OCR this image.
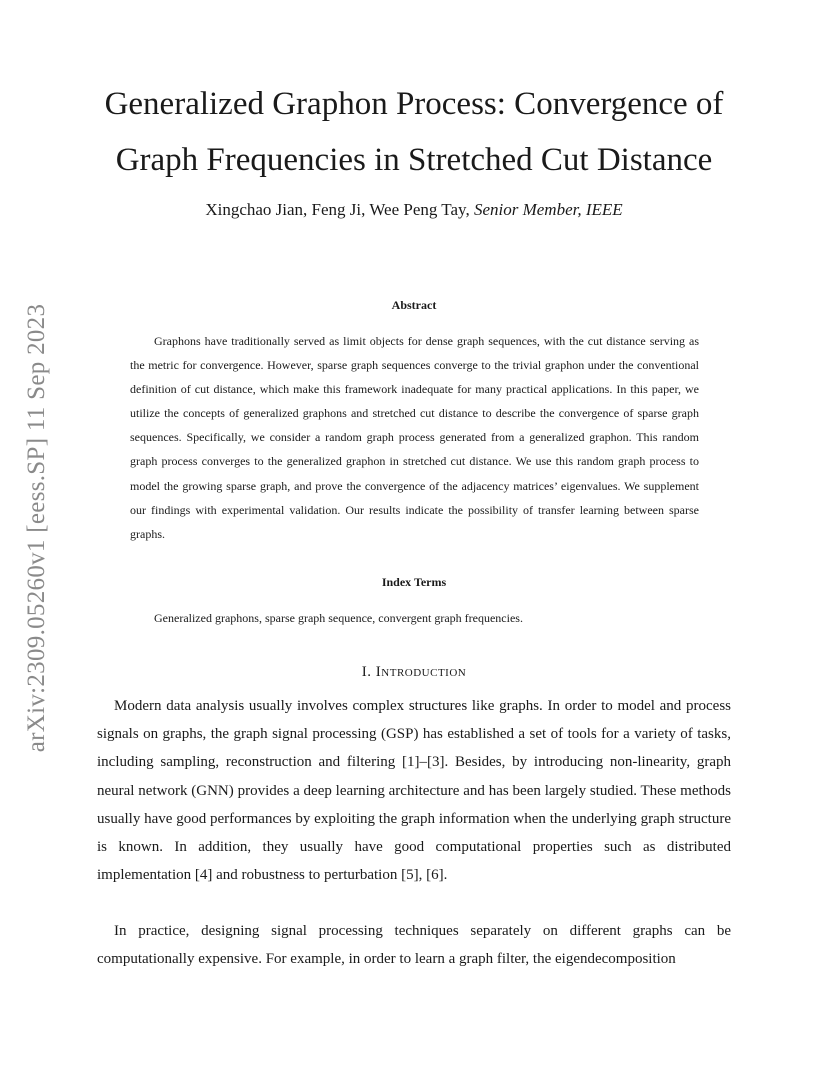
arXiv:2309.05260v1 [eess.SP] 11 Sep 2023
Generalized Graphon Process: Convergence of Graph Frequencies in Stretched Cut Distance
Xingchao Jian, Feng Ji, Wee Peng Tay, Senior Member, IEEE
Abstract

Graphons have traditionally served as limit objects for dense graph sequences, with the cut distance serving as the metric for convergence. However, sparse graph sequences converge to the trivial graphon under the conventional definition of cut distance, which make this framework inadequate for many practical applications. In this paper, we utilize the concepts of generalized graphons and stretched cut distance to describe the convergence of sparse graph sequences. Specifically, we consider a random graph process generated from a generalized graphon. This random graph process converges to the generalized graphon in stretched cut distance. We use this random graph process to model the growing sparse graph, and prove the convergence of the adjacency matrices’ eigenvalues. We supplement our findings with experimental validation. Our results indicate the possibility of transfer learning between sparse graphs.

Index Terms

Generalized graphons, sparse graph sequence, convergent graph frequencies.

I. Introduction

Modern data analysis usually involves complex structures like graphs. In order to model and process signals on graphs, the graph signal processing (GSP) has established a set of tools for a variety of tasks, including sampling, reconstruction and filtering [1]–[3]. Besides, by introducing non-linearity, graph neural network (GNN) provides a deep learning architecture and has been largely studied. These methods usually have good performances by exploiting the graph information when the underlying graph structure is known. In addition, they usually have good computational properties such as distributed implementation [4] and robustness to perturbation [5], [6].

In practice, designing signal processing techniques separately on different graphs can be computationally expensive. For example, in order to learn a graph filter, the eigendecomposition
